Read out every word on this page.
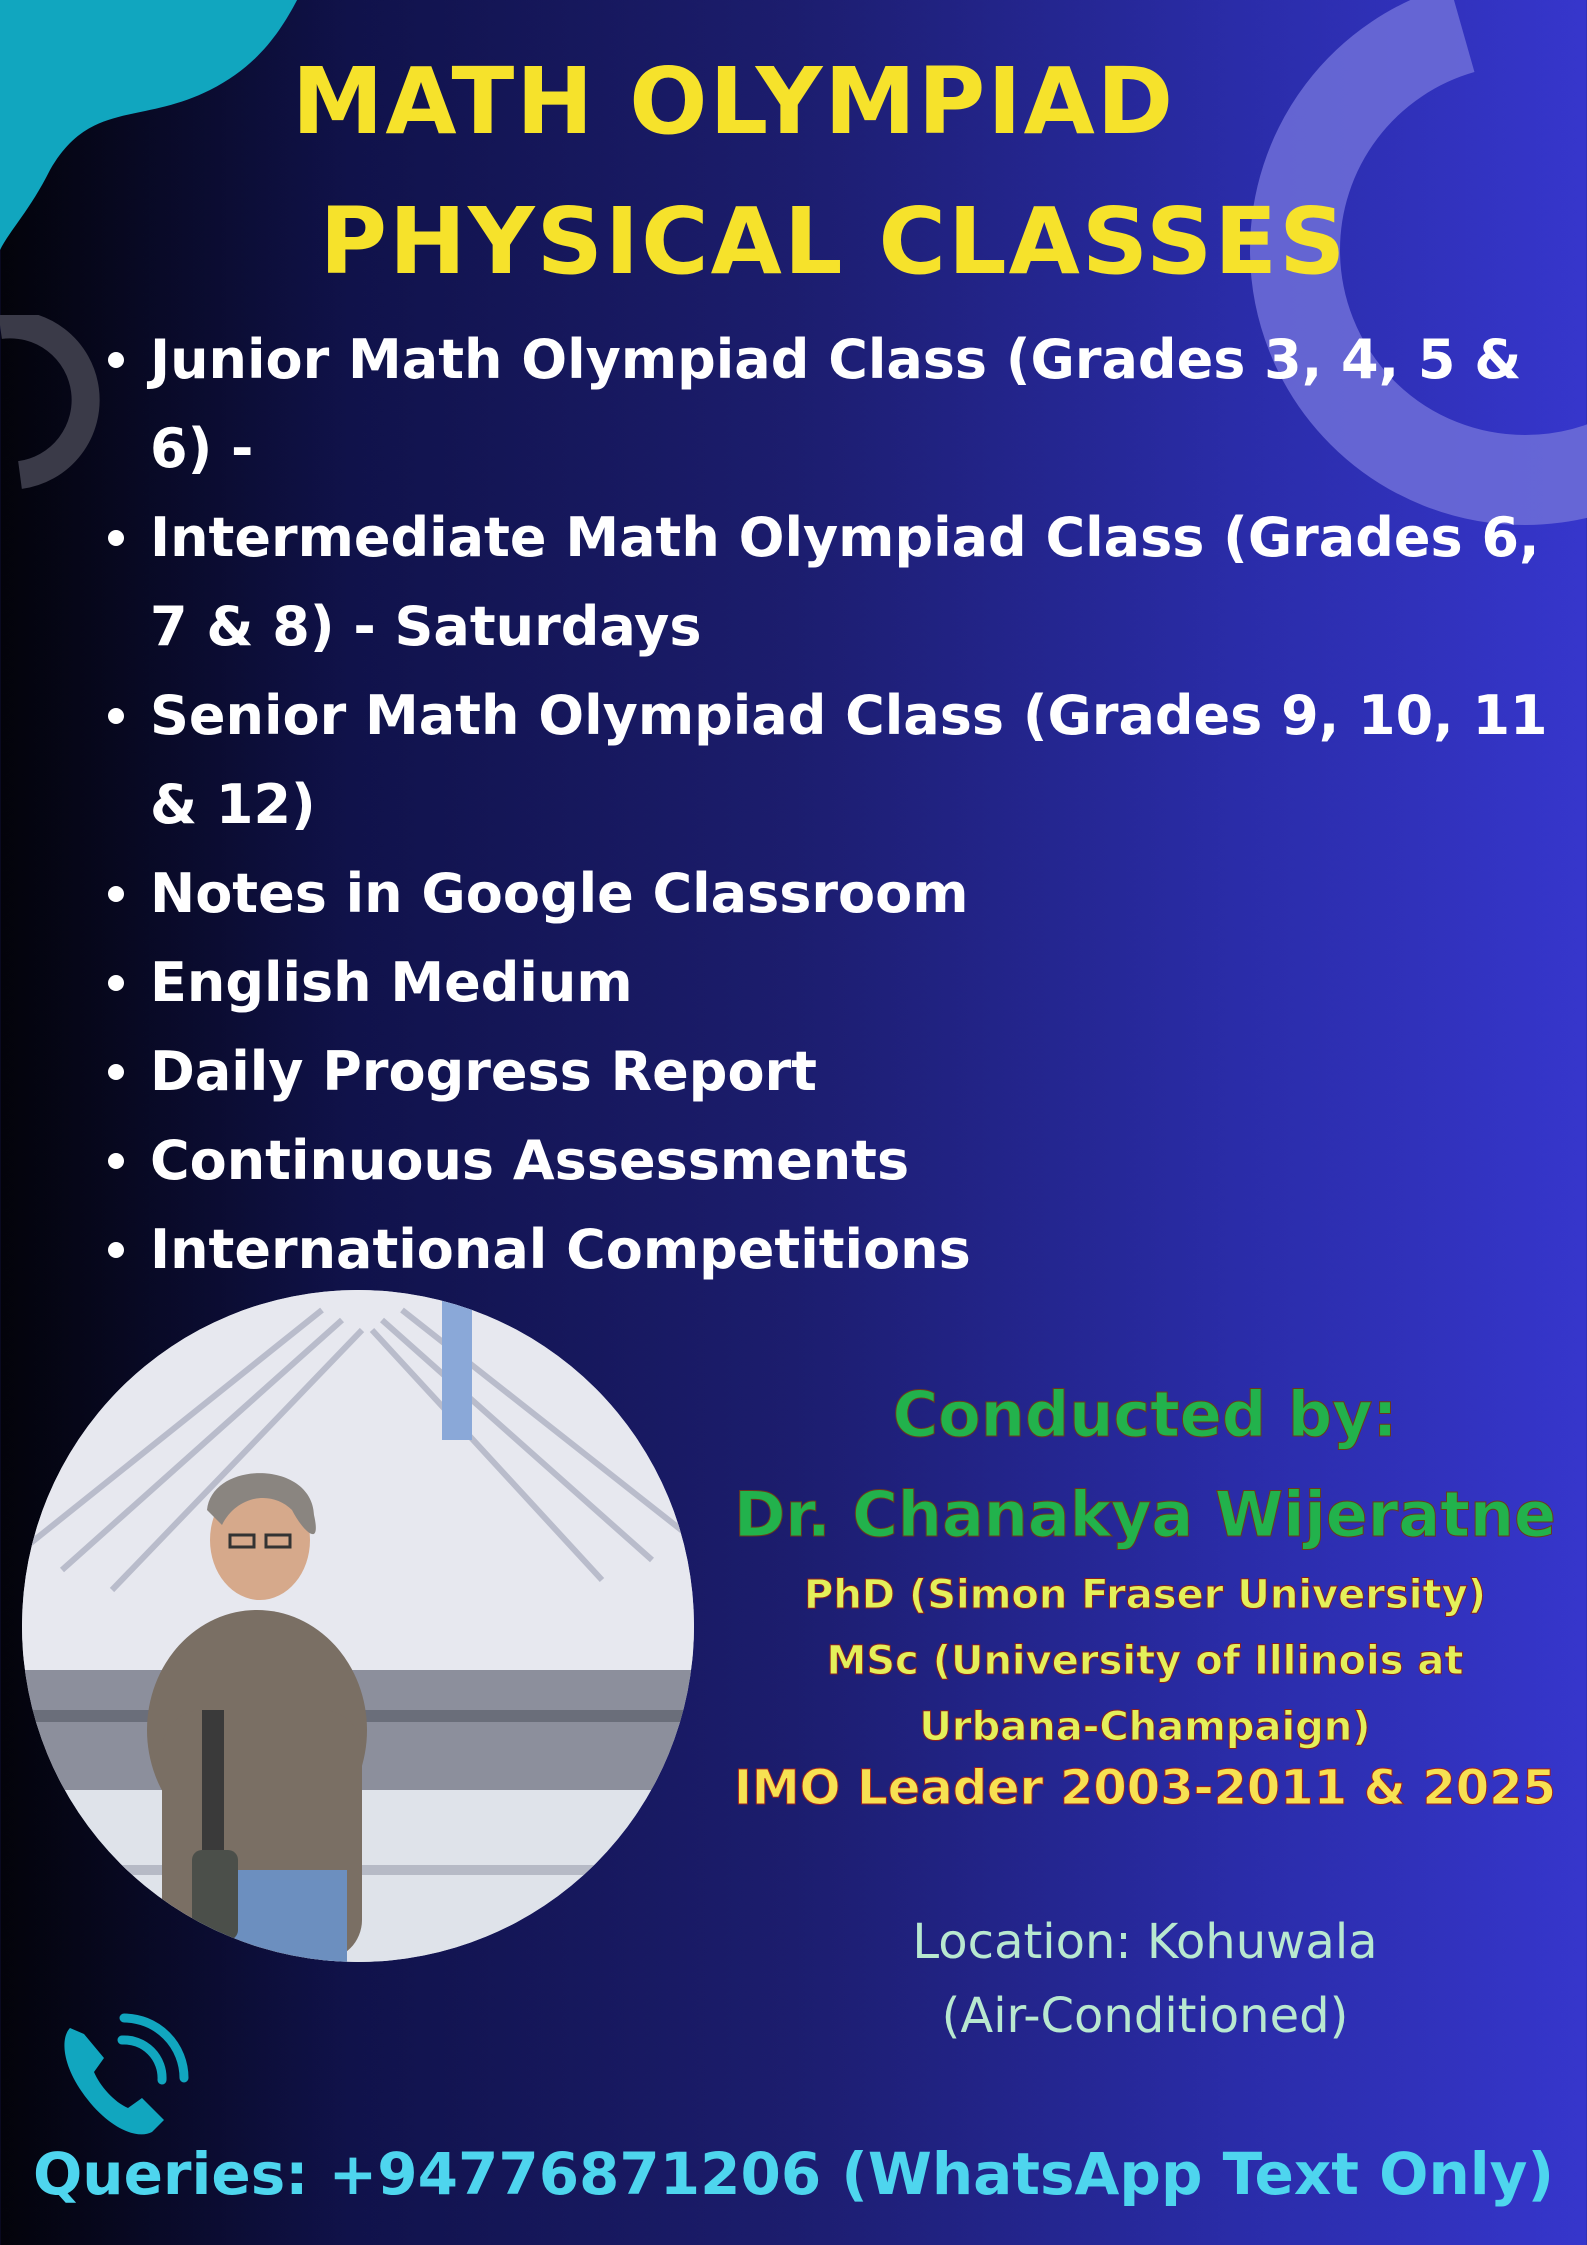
MATH OLYMPIAD
PHYSICAL CLASSES
Junior Math Olympiad Class (Grades 3, 4, 5 & 6) -
Intermediate Math Olympiad Class (Grades 6, 7 & 8) - Saturdays
Senior Math Olympiad Class (Grades 9, 10, 11 & 12)
Notes in Google Classroom
English Medium
Daily Progress Report
Continuous Assessments
International Competitions
Conducted by:
Dr. Chanakya Wijeratne
PhD (Simon Fraser University)
MSc (University of Illinois at
Urbana-Champaign)
IMO Leader 2003-2011 & 2025
Location: Kohuwala
(Air-Conditioned)
Queries: +94776871206 (WhatsApp Text Only)
